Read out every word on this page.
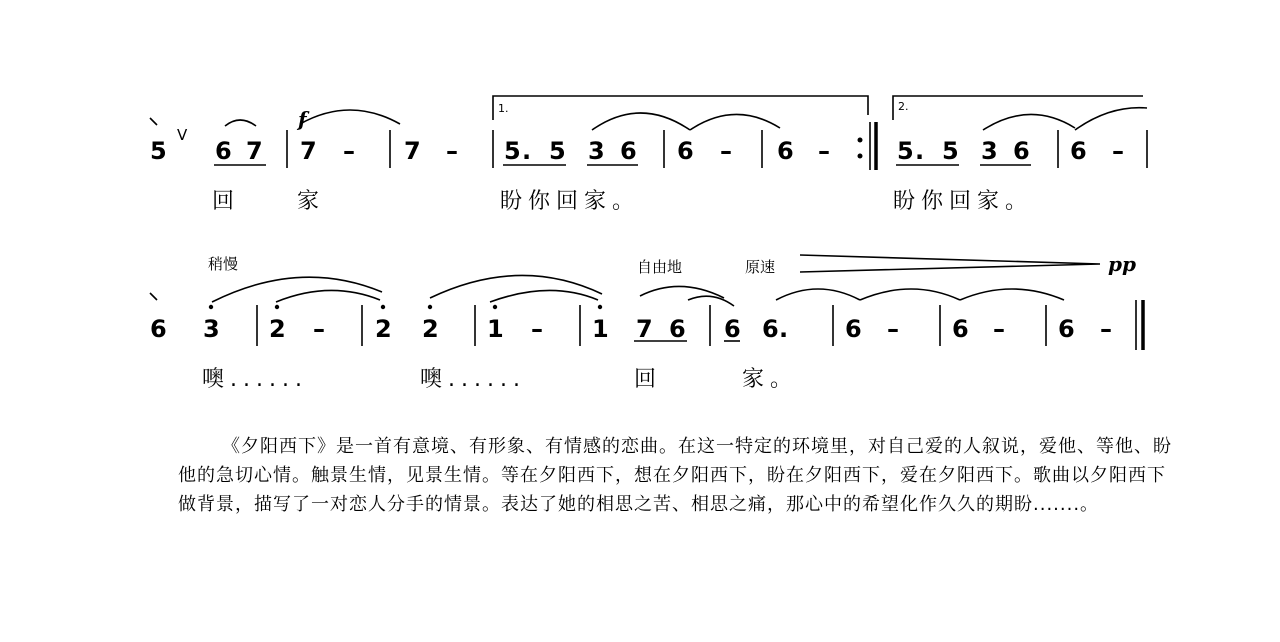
5
V
6 7
f
7 – 7 –
1.
5 . 5 3 6 6 – 6 –
2.
5 . 5 3 6 6 –
回	家	盼你回家。	盼你回家。
稍慢	自由地	原速	pp
6 3 2 – 2 2 1 – 1 7 6 6 6 . 6 – 6 – 6 –
噢......	噢......	回	家。

《夕阳西下》是一首有意境、有形象、有情感的恋曲。在这一特定的环境里，对自己爱的人叙说，爱他、等他、盼他的急切心情。触景生情，见景生情。等在夕阳西下，想在夕阳西下，盼在夕阳西下，爱在夕阳西下。歌曲以夕阳西下做背景，描写了一对恋人分手的情景。表达了她的相思之苦、相思之痛，那心中的希望化作久久的期盼.......。
